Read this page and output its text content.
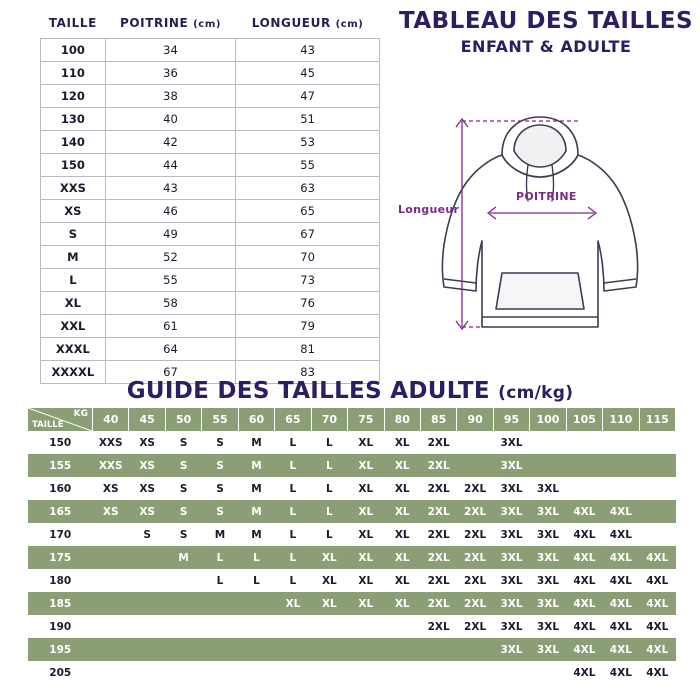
TAILLE	POITRINE (cm)	LONGUEUR (cm)
100	34	43
110	36	45
120	38	47
130	40	51
140	42	53
150	44	55
XXS	43	63
XS	46	65
S	49	67
M	52	70
L	55	73
XL	58	76
XXL	61	79
XXXL	64	81
XXXXL	67	83
TABLEAU DES TAILLES
ENFANT & ADULTE
Longueur
POITRINE
GUIDE DES TAILLES ADULTE (cm/kg)
KG
TAILLE	40	45	50	55	60	65	70	75	80	85	90	95	100	105	110	115
150	XXS	XS	S	S	M	L	L	XL	XL	2XL		3XL				
155	XXS	XS	S	S	M	L	L	XL	XL	2XL		3XL				
160	XS	XS	S	S	M	L	L	XL	XL	2XL	2XL	3XL	3XL			
165	XS	XS	S	S	M	L	L	XL	XL	2XL	2XL	3XL	3XL	4XL	4XL	
170		S	S	M	M	L	L	XL	XL	2XL	2XL	3XL	3XL	4XL	4XL	
175			M	L	L	L	XL	XL	XL	2XL	2XL	3XL	3XL	4XL	4XL	4XL
180				L	L	L	XL	XL	XL	2XL	2XL	3XL	3XL	4XL	4XL	4XL
185						XL	XL	XL	XL	2XL	2XL	3XL	3XL	4XL	4XL	4XL
190										2XL	2XL	3XL	3XL	4XL	4XL	4XL
195												3XL	3XL	4XL	4XL	4XL
205														4XL	4XL	4XL
